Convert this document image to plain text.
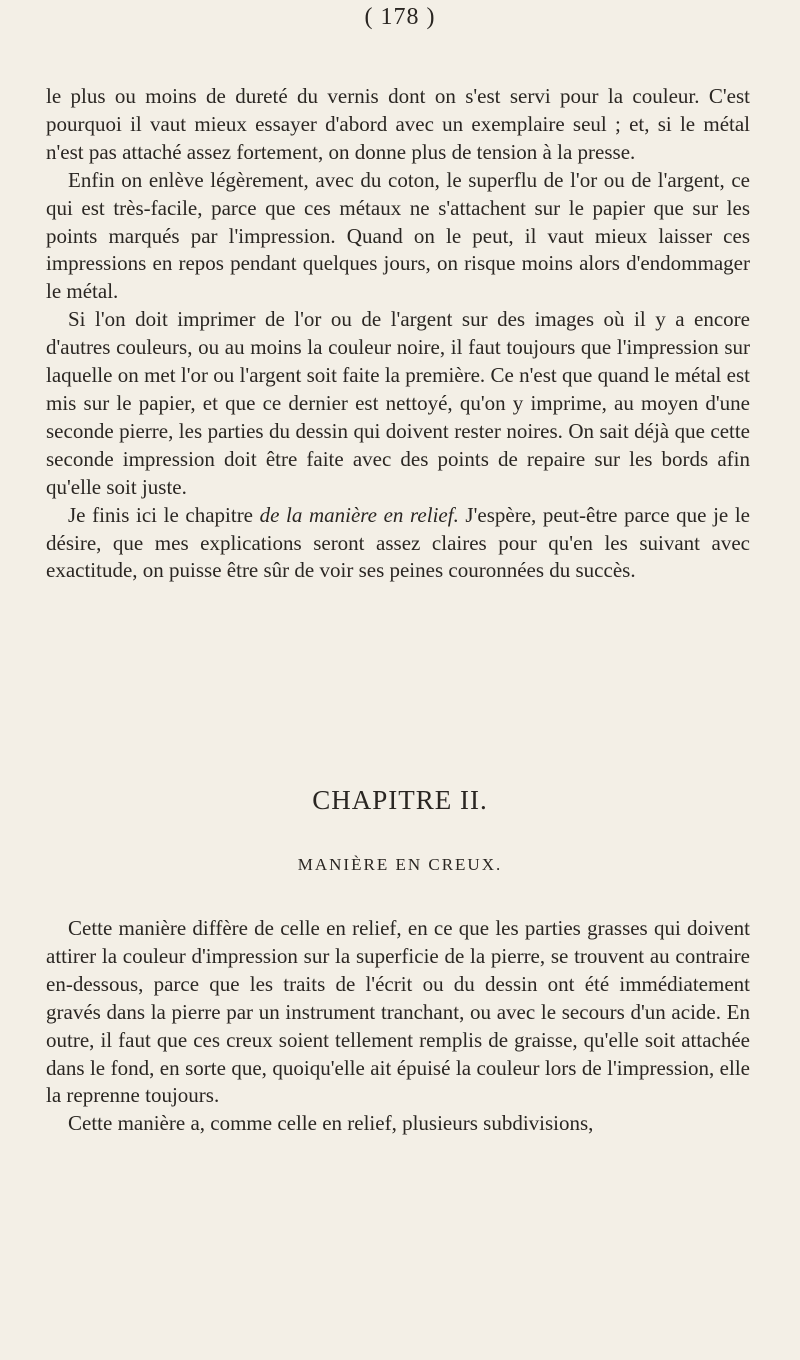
( 178 )

le plus ou moins de dureté du vernis dont on s'est servi pour la couleur. C'est pourquoi il vaut mieux essayer d'abord avec un exemplaire seul ; et, si le métal n'est pas attaché assez fortement, on donne plus de tension à la presse.

Enfin on enlève légèrement, avec du coton, le superflu de l'or ou de l'argent, ce qui est très-facile, parce que ces métaux ne s'attachent sur le papier que sur les points marqués par l'impression. Quand on le peut, il vaut mieux laisser ces impressions en repos pendant quelques jours, on risque moins alors d'endommager le métal.

Si l'on doit imprimer de l'or ou de l'argent sur des images où il y a encore d'autres couleurs, ou au moins la couleur noire, il faut toujours que l'impression sur laquelle on met l'or ou l'argent soit faite la première. Ce n'est que quand le métal est mis sur le papier, et que ce dernier est nettoyé, qu'on y imprime, au moyen d'une seconde pierre, les parties du dessin qui doivent rester noires. On sait déjà que cette seconde impression doit être faite avec des points de repaire sur les bords afin qu'elle soit juste.

Je finis ici le chapitre de la manière en relief. J'espère, peut-être parce que je le désire, que mes explications seront assez claires pour qu'en les suivant avec exactitude, on puisse être sûr de voir ses peines couronnées du succès.

CHAPITRE II.
MANIÈRE EN CREUX.

Cette manière diffère de celle en relief, en ce que les parties grasses qui doivent attirer la couleur d'impression sur la superficie de la pierre, se trouvent au contraire en-dessous, parce que les traits de l'écrit ou du dessin ont été immédiatement gravés dans la pierre par un instrument tranchant, ou avec le secours d'un acide. En outre, il faut que ces creux soient tellement remplis de graisse, qu'elle soit attachée dans le fond, en sorte que, quoiqu'elle ait épuisé la couleur lors de l'impression, elle la reprenne toujours.

Cette manière a, comme celle en relief, plusieurs subdivisions,
